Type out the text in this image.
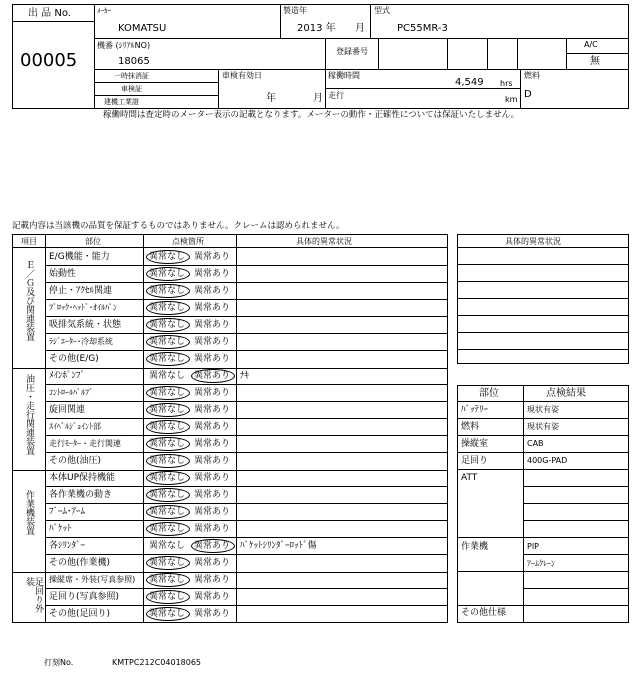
出 品 No.
00005
ﾒｰｶｰ
KOMATSU
製造年
2013 年 月
型式
PC55MR-3
機番 (ｼﾘｱﾙNO)
18065
登録番号
A/C
無
一時抹消証
車検証
建機工業證
車検有効日
年	月
稼働時間
4,549 hrs
走行	km
燃料
D
稼働時間は査定時のメーター表示の記載となります。メーターの動作・正確性については保証いたしません。
記載内容は当該機の品質を保証するものではありません。クレームは認められません。
項目	部位	点検箇所	具体的異常状況
Ｅ／Ｇ及び関連装置
油圧・走行関連装置
作業機装置
足回り外装
E/G機能・能力	異常なし 異常あり
始動性	異常なし 異常あり
停止・ｱｸｾﾙ関連	異常なし 異常あり
ﾌﾞﾛｯｸ･ﾍｯﾄﾞ･ｵｲﾙﾊﾟﾝ	異常なし 異常あり
吸排気系統・状態	異常なし 異常あり
ﾗｼﾞｴｰﾀｰ･冷却系統	異常なし 異常あり
その他(E/G)	異常なし 異常あり
ﾒｲﾝﾎﾟﾝﾌﾟ	異常なし 異常あり ﾅｷ
ｺﾝﾄﾛｰﾙﾊﾞﾙﾌﾞ	異常なし 異常あり
旋回関連	異常なし 異常あり
ｽｲﾍﾞﾙｼﾞｮｲﾝﾄ部	異常なし 異常あり
走行ﾓｰﾀｰ・走行関連	異常なし 異常あり
その他(油圧)	異常なし 異常あり
本体UP保持機能	異常なし 異常あり
各作業機の動き	異常なし 異常あり
ﾌﾞｰﾑ･ｱｰﾑ	異常なし 異常あり
ﾊﾞｹｯﾄ	異常なし 異常あり
各ｼﾘﾝﾀﾞｰ	異常なし 異常あり ﾊﾞｹｯﾄｼﾘﾝﾀﾞｰﾛｯﾄﾞ傷
その他(作業機)	異常なし 異常あり
操縦席・外装(写真参照) 異常なし 異常あり
足回り(写真参照)	異常なし 異常あり
その他(足回り)	異常なし 異常あり
具体的異常状況
部位	点検結果
ﾊﾞｯﾃﾘｰ	現状有姿
燃料	現状有姿
操縦室	CAB
足回り	400G-PAD
ATT
作業機	PIP
ｱｰﾑｸﾚｰﾝ
その他仕様
打刻No.	KMTPC212C04018065
